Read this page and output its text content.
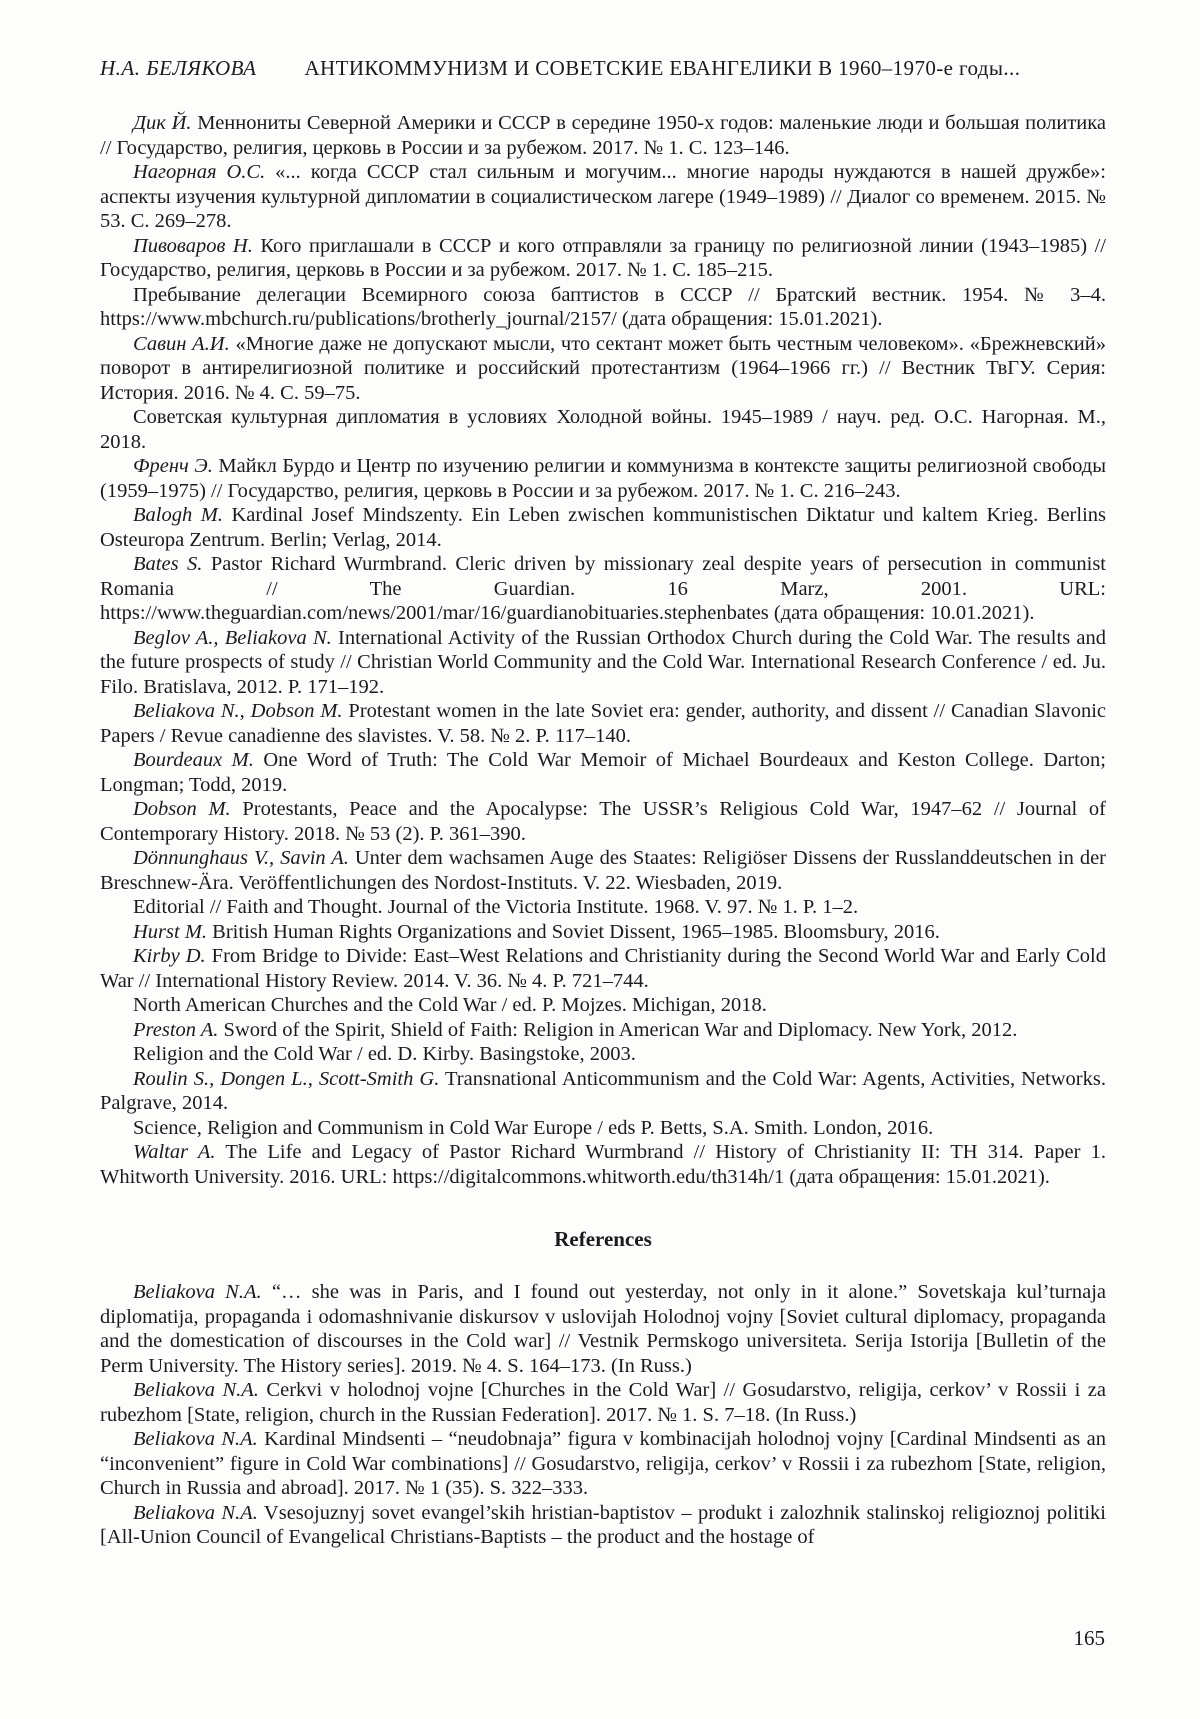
Н.А. БЕЛЯКОВА АНТИКОММУНИЗМ И СОВЕТСКИЕ ЕВАНГЕЛИКИ В 1960–1970-е годы...

Дик Й. Меннониты Северной Америки и СССР в середине 1950-х годов: маленькие люди и большая политика // Государство, религия, церковь в России и за рубежом. 2017. № 1. С. 123–146.

Нагорная О.С. «... когда СССР стал сильным и могучим... многие народы нуждаются в нашей дружбе»: аспекты изучения культурной дипломатии в социалистическом лагере (1949–1989) // Диалог со временем. 2015. № 53. С. 269–278.

Пивоваров Н. Кого приглашали в СССР и кого отправляли за границу по религиозной линии (1943–1985) // Государство, религия, церковь в России и за рубежом. 2017. № 1. С. 185–215.

Пребывание делегации Всемирного союза баптистов в СССР // Братский вестник. 1954. № 3–4. https://www.mbchurch.ru/publications/brotherly_journal/2157/ (дата обращения: 15.01.2021).

Савин А.И. «Многие даже не допускают мысли, что сектант может быть честным человеком». «Брежневский» поворот в антирелигиозной политике и российский протестантизм (1964–1966 гг.) // Вестник ТвГУ. Серия: История. 2016. № 4. С. 59–75.

Советская культурная дипломатия в условиях Холодной войны. 1945–1989 / науч. ред. О.С. Нагорная. М., 2018.

Френч Э. Майкл Бурдо и Центр по изучению религии и коммунизма в контексте защиты религиозной свободы (1959–1975) // Государство, религия, церковь в России и за рубежом. 2017. № 1. С. 216–243.

Balogh M. Kardinal Josef Mindszenty. Ein Leben zwischen kommunistischen Diktatur und kaltem Krieg. Berlins Osteuropa Zentrum. Berlin; Verlag, 2014.

Bates S. Pastor Richard Wurmbrand. Cleric driven by missionary zeal despite years of persecution in communist Romania // The Guardian. 16 Marz, 2001. URL: https://www.theguardian.com/news/2001/mar/16/guardianobituaries.stephenbates (дата обращения: 10.01.2021).

Beglov A., Beliakova N. International Activity of the Russian Orthodox Church during the Cold War. The results and the future prospects of study // Christian World Community and the Cold War. International Research Conference / ed. Ju. Filo. Bratislava, 2012. P. 171–192.

Beliakova N., Dobson M. Protestant women in the late Soviet era: gender, authority, and dissent // Canadian Slavonic Papers / Revue canadienne des slavistes. V. 58. № 2. P. 117–140.

Bourdeaux M. One Word of Truth: The Cold War Memoir of Michael Bourdeaux and Keston College. Darton; Longman; Todd, 2019.

Dobson M. Protestants, Peace and the Apocalypse: The USSR’s Religious Cold War, 1947–62 // Journal of Contemporary History. 2018. № 53 (2). P. 361–390.

Dönnunghaus V., Savin A. Unter dem wachsamen Auge des Staates: Religiöser Dissens der Russlanddeutschen in der Breschnew-Ära. Veröffentlichungen des Nordost-Instituts. V. 22. Wiesbaden, 2019.

Editorial // Faith and Thought. Journal of the Victoria Institute. 1968. V. 97. № 1. P. 1–2.

Hurst M. British Human Rights Organizations and Soviet Dissent, 1965–1985. Bloomsbury, 2016.

Kirby D. From Bridge to Divide: East–West Relations and Christianity during the Second World War and Early Cold War // International History Review. 2014. V. 36. № 4. P. 721–744.

North American Churches and the Cold War / ed. P. Mojzes. Michigan, 2018.

Preston A. Sword of the Spirit, Shield of Faith: Religion in American War and Diplomacy. New York, 2012.

Religion and the Cold War / ed. D. Kirby. Basingstoke, 2003.

Roulin S., Dongen L., Scott-Smith G. Transnational Anticommunism and the Cold War: Agents, Activities, Networks. Palgrave, 2014.

Science, Religion and Communism in Cold War Europe / eds P. Betts, S.A. Smith. London, 2016.

Waltar A. The Life and Legacy of Pastor Richard Wurmbrand // History of Christianity II: TH 314. Paper 1. Whitworth University. 2016. URL: https://digitalcommons.whitworth.edu/th314h/1 (дата обращения: 15.01.2021).

References

Beliakova N.A. “… she was in Paris, and I found out yesterday, not only in it alone.” Sovetskaja kul’turnaja diplomatija, propaganda i odomashnivanie diskursov v uslovijah Holodnoj vojny [Soviet cultural diplomacy, propaganda and the domestication of discourses in the Cold war] // Vestnik Permskogo universiteta. Serija Istorija [Bulletin of the Perm University. The History series]. 2019. № 4. S. 164–173. (In Russ.)

Beliakova N.A. Cerkvi v holodnoj vojne [Churches in the Cold War] // Gosudarstvo, religija, cerkov’ v Rossii i za rubezhom [State, religion, church in the Russian Federation]. 2017. № 1. S. 7–18. (In Russ.)

Beliakova N.A. Kardinal Mindsenti – “neudobnaja” figura v kombinacijah holodnoj vojny [Cardinal Mindsenti as an “inconvenient” figure in Cold War combinations] // Gosudarstvo, religija, cerkov’ v Rossii i za rubezhom [State, religion, Church in Russia and abroad]. 2017. № 1 (35). S. 322–333.

Beliakova N.A. Vsesojuznyj sovet evangel’skih hristian-baptistov – produkt i zalozhnik stalinskoj religioznoj politiki [All-Union Council of Evangelical Christians-Baptists – the product and the hostage of

165
